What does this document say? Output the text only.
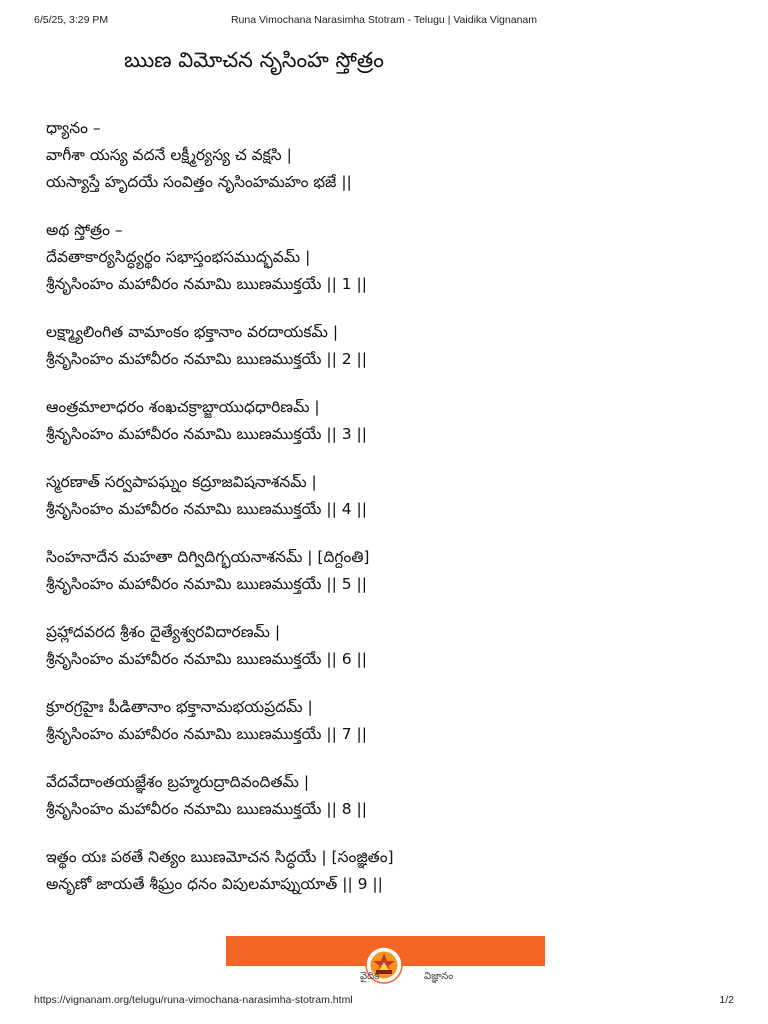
6/5/25, 3:29 PM	Runa Vimochana Narasimha Stotram - Telugu | Vaidika Vignanam
ఋణ విమోచన నృసింహ స్తోత్రం
ధ్యానం –
వాగీశా యస్య వదనే లక్ష్మీర్యస్య చ వక్షసి |
యస్యాస్తే హృదయే సంవిత్తం నృసింహమహం భజే ||
అథ స్తోత్రం –
దేవతాకార్యసిద్ధ్యర్థం సభాస్తంభసముద్భవమ్ |
శ్రీనృసింహం మహావీరం నమామి ఋణముక్తయే || 1 ||
లక్ష్మ్యాలింగిత వామాంకం భక్తానాం వరదాయకమ్ |
శ్రీనృసింహం మహావీరం నమామి ఋణముక్తయే || 2 ||
ఆంత్రమాలాధరం శంఖచక్రాబ్జాయుధధారిణమ్ |
శ్రీనృసింహం మహావీరం నమామి ఋణముక్తయే || 3 ||
స్మరణాత్ సర్వపాపఘ్నం కద్రూజవిషనాశనమ్ |
శ్రీనృసింహం మహావీరం నమామి ఋణముక్తయే || 4 ||
సింహనాదేన మహతా దిగ్విదిగ్భయనాశనమ్ | [దిగ్దంతి]
శ్రీనృసింహం మహావీరం నమామి ఋణముక్తయే || 5 ||
ప్రహ్లాదవరద శ్రీశం దైత్యేశ్వరవిదారణమ్ |
శ్రీనృసింహం మహావీరం నమామి ఋణముక్తయే || 6 ||
క్రూరగ్రహైః పీడితానాం భక్తానామభయప్రదమ్ |
శ్రీనృసింహం మహావీరం నమామి ఋణముక్తయే || 7 ||
వేదవేదాంతయజ్ఞేశం బ్రహ్మరుద్రాదివందితమ్ |
శ్రీనృసింహం మహావీరం నమామి ఋణముక్తయే || 8 ||
ఇత్థం యః పఠతే నిత్యం ఋణమోచన సిద్ధయే | [సంజ్ఞితం]
అనృణో జాయతే శీఘ్రం ధనం విపులమాప్నుయాత్ || 9 ||
వైదిక	విజ్ఞానం
https://vignanam.org/telugu/runa-vimochana-narasimha-stotram.html	1/2
